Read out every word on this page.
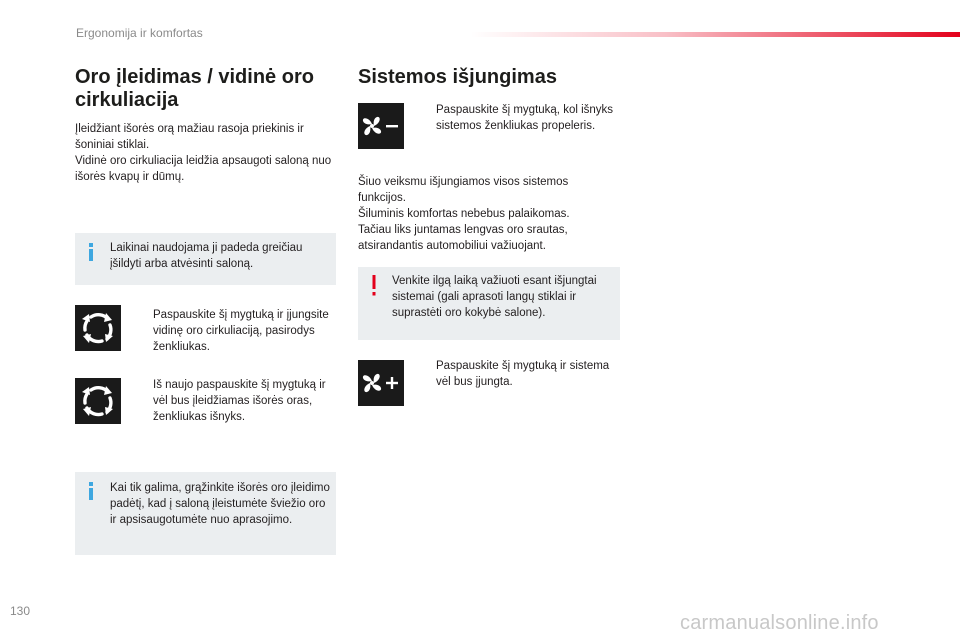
Ergonomija ir komfortas
Oro įleidimas / vidinė oro cirkuliacija

Įleidžiant išorės orą mažiau rasoja priekinis ir šoniniai stiklai.

Vidinė oro cirkuliacija leidžia apsaugoti saloną nuo išorės kvapų ir dūmų.

Laikinai naudojama ji padeda greičiau įšildyti arba atvėsinti saloną.
Paspauskite šį mygtuką ir įjungsite vidinę oro cirkuliaciją, pasirodys ženkliukas.
Iš naujo paspauskite šį mygtuką ir vėl bus įleidžiamas išorės oras, ženkliukas išnyks.
Kai tik galima, grąžinkite išorės oro įleidimo padėtį, kad į saloną įleistumėte šviežio oro ir apsisaugotumėte nuo aprasojimo.
Sistemos išjungimas
Paspauskite šį mygtuką, kol išnyks sistemos ženkliukas propeleris.

Šiuo veiksmu išjungiamos visos sistemos funkcijos.

Šiluminis komfortas nebebus palaikomas.

Tačiau liks juntamas lengvas oro srautas, atsirandantis automobiliui važiuojant.

Venkite ilgą laiką važiuoti esant išjungtai sistemai (gali aprasoti langų stiklai ir suprastėti oro kokybė salone).
Paspauskite šį mygtuką ir sistema vėl bus įjungta.
130
carmanualsonline.info
